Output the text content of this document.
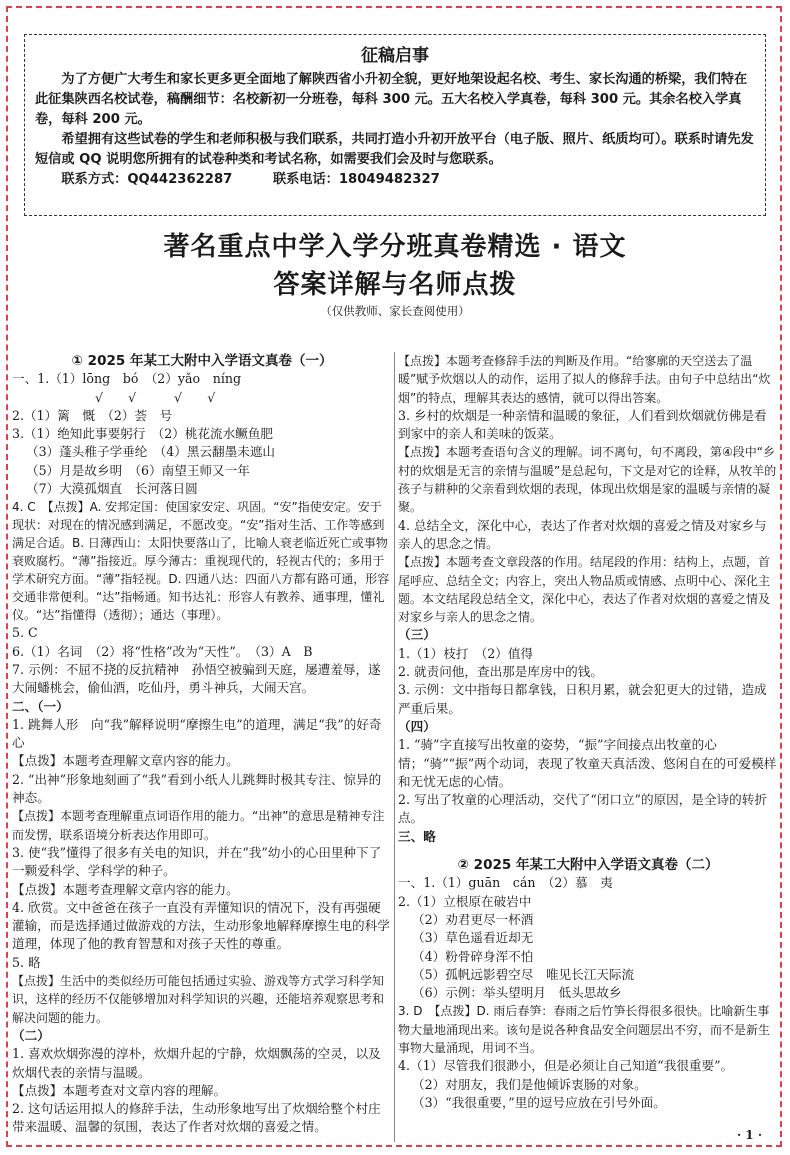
征稿启事

为了方便广大考生和家长更多更全面地了解陕西省小升初全貌，更好地架设起名校、考生、家长沟通的桥梁，我们特在此征集陕西名校试卷，稿酬细节：名校新初一分班卷，每科 300 元。五大名校入学真卷，每科 300 元。其余名校入学真卷，每科 200 元。

希望拥有这些试卷的学生和老师积极与我们联系，共同打造小升初开放平台（电子版、照片、纸质均可）。联系时请先发短信或 QQ 说明您所拥有的试卷种类和考试名称，如需要我们会及时与您联系。

联系方式：QQ442362287	联系电话：18049482327
著名重点中学入学分班真卷精选 · 语文
答案详解与名师点拨
（仅供教师、家长查阅使用）
① 2025 年某工大附中入学语文真卷（一）
一、1.（1）lōng　bó　（2）yǎo　níng
　　　　　√　　√　　　√　　√
2.（1）篱　慨　（2）荟　号
3.（1）绝知此事要躬行　（2）桃花流水鳜鱼肥
（3）蓬头稚子学垂纶　（4）黑云翻墨未遮山
（5）月是故乡明　（6）南望王师又一年
（7）大漠孤烟直　长河落日圆
4. C　【点拨】A. 安邦定国：使国家安定、巩固。“安”指使安定。安于现状：对现在的情况感到满足，不愿改变。“安”指对生活、工作等感到满足合适。B. 日薄西山：太阳快要落山了，比喻人衰老临近死亡或事物衰败腐朽。“薄”指接近。厚今薄古：重视现代的，轻视古代的；多用于学术研究方面。“薄”指轻视。D. 四通八达：四面八方都有路可通，形容交通非常便利。“达”指畅通。知书达礼：形容人有教养、通事理，懂礼仪。“达”指懂得（透彻）；通达（事理）。
5. C
6.（1）名词　（2）将“性格”改为“天性”。　（3）A　B
7. 示例：不屈不挠的反抗精神　孙悟空被骗到天庭，屡遭羞辱，遂大闹蟠桃会，偷仙酒，吃仙丹，勇斗神兵，大闹天宫。
二、（一）
1. 跳舞人形　向“我”解释说明“摩擦生电”的道理，满足“我”的好奇心
【点拨】本题考查理解文章内容的能力。
2. “出神”形象地刻画了“我”看到小纸人儿跳舞时极其专注、惊异的神态。
【点拨】本题考查理解重点词语作用的能力。“出神”的意思是精神专注而发愣，联系语境分析表达作用即可。
3. 使“我”懂得了很多有关电的知识，并在“我”幼小的心田里种下了一颗爱科学、学科学的种子。
【点拨】本题考查理解文章内容的能力。
4. 欣赏。文中爸爸在孩子一直没有弄懂知识的情况下，没有再强硬灌输，而是选择通过做游戏的方法，生动形象地解释摩擦生电的科学道理，体现了他的教育智慧和对孩子天性的尊重。
5. 略
【点拨】生活中的类似经历可能包括通过实验、游戏等方式学习科学知识，这样的经历不仅能够增加对科学知识的兴趣，还能培养观察思考和解决问题的能力。
（二）
1. 喜欢炊烟弥漫的淳朴，炊烟升起的宁静，炊烟飘荡的空灵，以及炊烟代表的亲情与温暖。
【点拨】本题考查对文章内容的理解。
2. 这句话运用拟人的修辞手法，生动形象地写出了炊烟给整个村庄带来温暖、温馨的氛围，表达了作者对炊烟的喜爱之情。
【点拨】本题考查修辞手法的判断及作用。“给寥廓的天空送去了温暖”赋予炊烟以人的动作，运用了拟人的修辞手法。由句子中总结出“炊烟”的特点，理解其表达的感情，就可以得出答案。
3. 乡村的炊烟是一种亲情和温暖的象征，人们看到炊烟就仿佛是看到家中的亲人和美味的饭菜。
【点拨】本题考查语句含义的理解。词不离句，句不离段，第④段中“乡村的炊烟是无言的亲情与温暖”是总起句，下文是对它的诠释，从牧羊的孩子与耕种的父亲看到炊烟的表现，体现出炊烟是家的温暖与亲情的凝聚。
4. 总结全文，深化中心，表达了作者对炊烟的喜爱之情及对家乡与亲人的思念之情。
【点拨】本题考查文章段落的作用。结尾段的作用：结构上，点题，首尾呼应、总结全文；内容上，突出人物品质或情感、点明中心、深化主题。本文结尾段总结全文，深化中心，表达了作者对炊烟的喜爱之情及对家乡与亲人的思念之情。
（三）
1.（1）枝打　（2）值得
2. 就责问他，查出那是库房中的钱。
3. 示例：文中指每日都拿钱，日积月累，就会犯更大的过错，造成严重后果。
（四）
1. “骑”字直接写出牧童的姿势，“振”字间接点出牧童的心情；“骑”“振”两个动词，表现了牧童天真活泼、悠闲自在的可爱模样和无忧无虑的心情。
2. 写出了牧童的心理活动，交代了“闭口立”的原因，是全诗的转折点。
三、略
② 2025 年某工大附中入学语文真卷（二）
一、1.（1）guān　cán　（2）慕　夷
2.（1）立根原在破岩中
（2）劝君更尽一杯酒
（3）草色遥看近却无
（4）粉骨碎身浑不怕
（5）孤帆远影碧空尽　唯见长江天际流
（6）示例：举头望明月　低头思故乡
3. D　【点拨】D. 雨后春笋：春雨之后竹笋长得很多很快。比喻新生事物大量地涌现出来。该句是说各种食品安全问题层出不穷，而不是新生事物大量涌现，用词不当。
4.（1）尽管我们很渺小，但是必须让自己知道“我很重要”。
（2）对朋友，我们是他倾诉衷肠的对象。
（3）“我很重要，”里的逗号应放在引号外面。
· 1 ·
